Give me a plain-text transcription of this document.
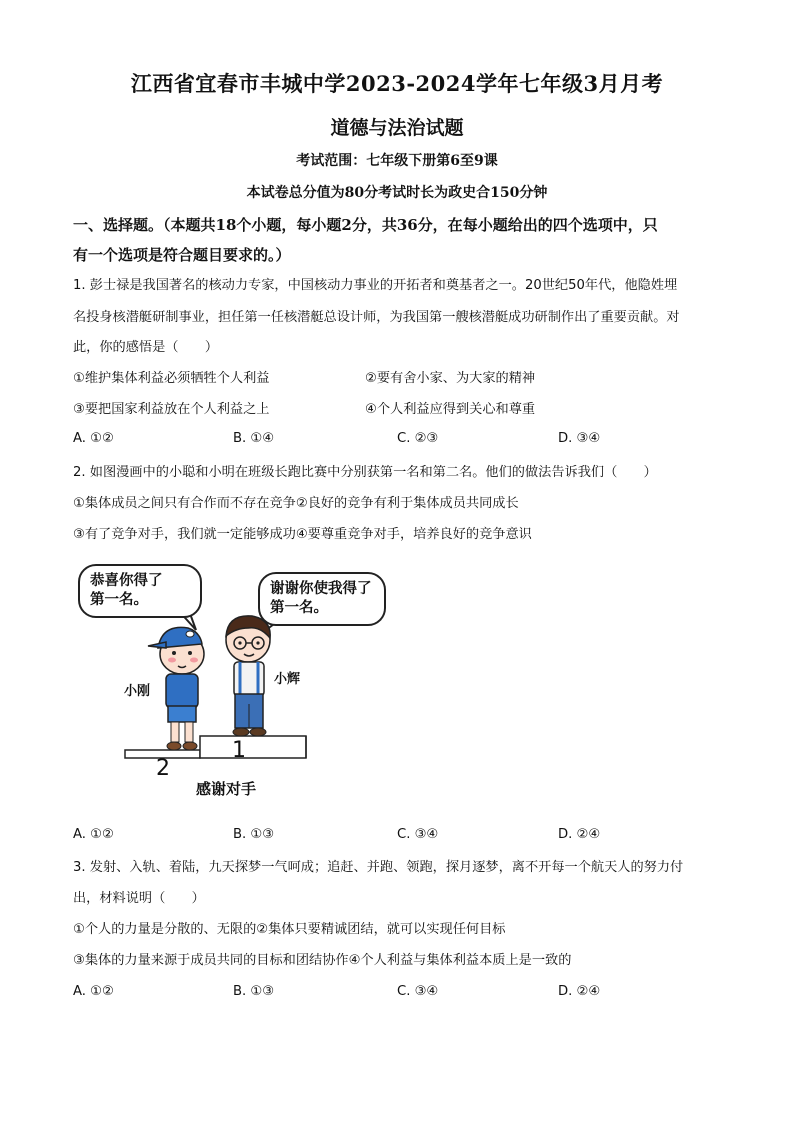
江西省宜春市丰城中学2023-2024学年七年级3月月考
道德与法治试题
考试范围：七年级下册第6至9课
本试卷总分值为80分考试时长为政史合150分钟
一、选择题。（本题共18个小题，每小题2分，共36分，在每小题给出的四个选项中，只
有一个选项是符合题目要求的。）
1. 彭士禄是我国著名的核动力专家，中国核动力事业的开拓者和奠基者之一。20世纪50年代，他隐姓埋
名投身核潜艇研制事业，担任第一任核潜艇总设计师，为我国第一艘核潜艇成功研制作出了重要贡献。对
此，你的感悟是（　　）
①维护集体利益必须牺牲个人利益	②要有舍小家、为大家的精神
③要把国家利益放在个人利益之上	④个人利益应得到关心和尊重
A. ①②	B. ①④	C. ②③	D. ③④
2. 如图漫画中的小聪和小明在班级长跑比赛中分别获第一名和第二名。他们的做法告诉我们（　　）
①集体成员之间只有合作而不存在竞争②良好的竞争有利于集体成员共同成长
③有了竞争对手，我们就一定能够成功④要尊重竞争对手，培养良好的竞争意识
恭喜你得了
第一名。
谢谢你使我得了
第一名。
小刚
小辉
2
1
感谢对手
A. ①②	B. ①③	C. ③④	D. ②④
3. 发射、入轨、着陆，九天探梦一气呵成；追赶、并跑、领跑，探月逐梦，离不开每一个航天人的努力付
出，材料说明（　　）
①个人的力量是分散的、无限的②集体只要精诚团结，就可以实现任何目标
③集体的力量来源于成员共同的目标和团结协作④个人利益与集体利益本质上是一致的
A. ①②	B. ①③	C. ③④	D. ②④
